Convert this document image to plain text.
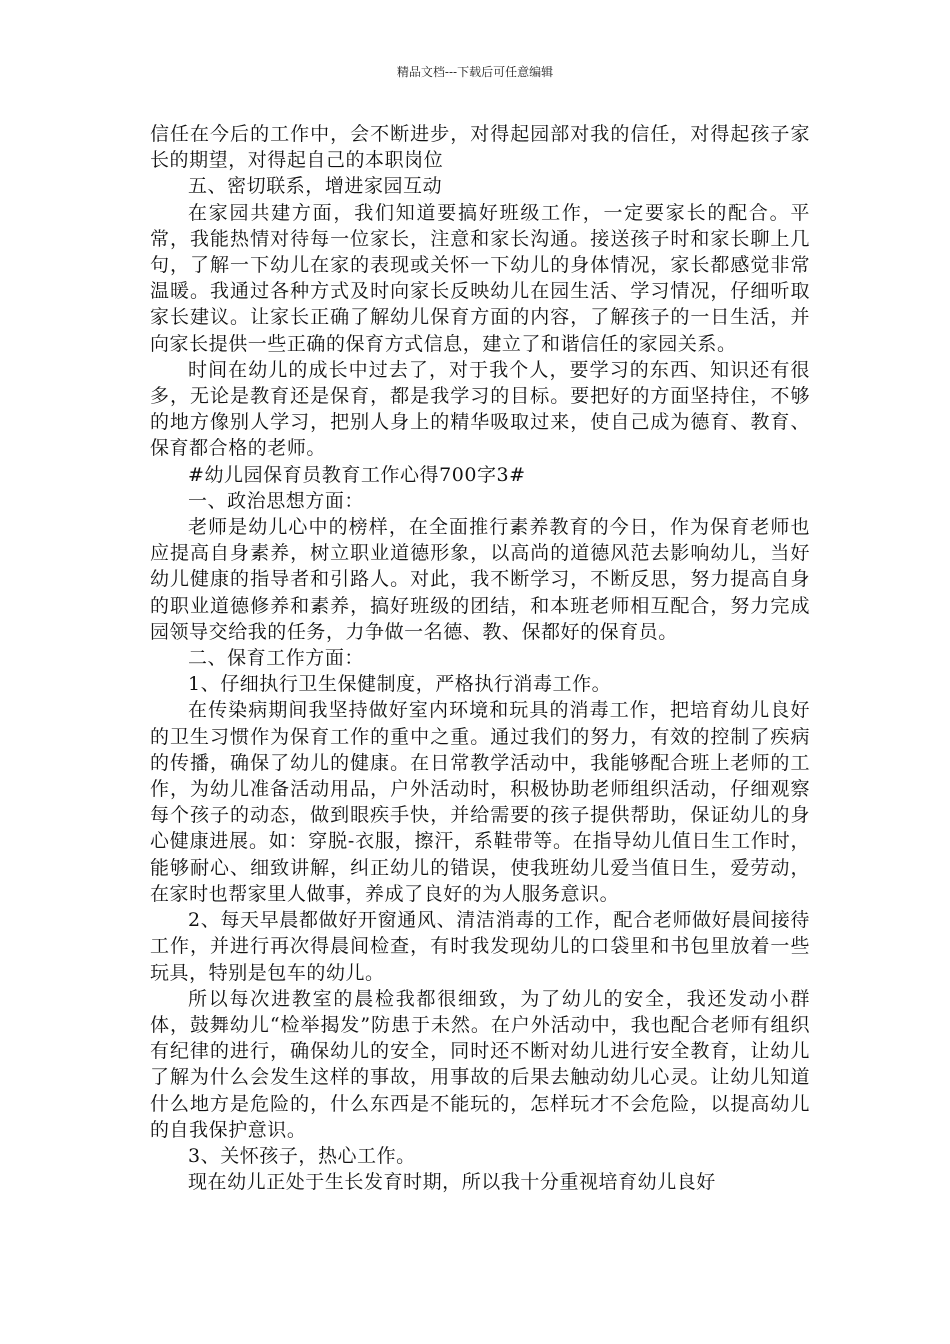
精品文档---下载后可任意编辑

信任在今后的工作中，会不断进步，对得起园部对我的信任，对得起孩子家长的期望，对得起自己的本职岗位

五、密切联系，增进家园互动

在家园共建方面，我们知道要搞好班级工作，一定要家长的配合。平常，我能热情对待每一位家长，注意和家长沟通。接送孩子时和家长聊上几句，了解一下幼儿在家的表现或关怀一下幼儿的身体情况，家长都感觉非常温暖。我通过各种方式及时向家长反映幼儿在园生活、学习情况，仔细听取家长建议。让家长正确了解幼儿保育方面的内容，了解孩子的一日生活，并向家长提供一些正确的保育方式信息，建立了和谐信任的家园关系。

时间在幼儿的成长中过去了，对于我个人，要学习的东西、知识还有很多，无论是教育还是保育，都是我学习的目标。要把好的方面坚持住，不够的地方像别人学习，把别人身上的精华吸取过来，使自己成为德育、教育、保育都合格的老师。

#幼儿园保育员教育工作心得700字3#

一、政治思想方面：

老师是幼儿心中的榜样，在全面推行素养教育的今日，作为保育老师也应提高自身素养，树立职业道德形象，以高尚的道德风范去影响幼儿，当好幼儿健康的指导者和引路人。对此，我不断学习，不断反思，努力提高自身的职业道德修养和素养，搞好班级的团结，和本班老师相互配合，努力完成园领导交给我的任务，力争做一名德、教、保都好的保育员。

二、保育工作方面：

1、仔细执行卫生保健制度，严格执行消毒工作。

在传染病期间我坚持做好室内环境和玩具的消毒工作，把培育幼儿良好的卫生习惯作为保育工作的重中之重。通过我们的努力，有效的控制了疾病的传播，确保了幼儿的健康。在日常教学活动中，我能够配合班上老师的工作，为幼儿准备活动用品，户外活动时，积极协助老师组织活动，仔细观察每个孩子的动态，做到眼疾手快，并给需要的孩子提供帮助，保证幼儿的身心健康进展。如：穿脱-衣服，擦汗，系鞋带等。在指导幼儿值日生工作时，能够耐心、细致讲解，纠正幼儿的错误，使我班幼儿爱当值日生，爱劳动，在家时也帮家里人做事，养成了良好的为人服务意识。

2、每天早晨都做好开窗通风、清洁消毒的工作，配合老师做好晨间接待工作，并进行再次得晨间检查，有时我发现幼儿的口袋里和书包里放着一些玩具，特别是包车的幼儿。

所以每次进教室的晨检我都很细致，为了幼儿的安全，我还发动小群体，鼓舞幼儿“检举揭发”防患于未然。在户外活动中，我也配合老师有组织有纪律的进行，确保幼儿的安全，同时还不断对幼儿进行安全教育，让幼儿了解为什么会发生这样的事故，用事故的后果去触动幼儿心灵。让幼儿知道什么地方是危险的，什么东西是不能玩的，怎样玩才不会危险，以提高幼儿的自我保护意识。

3、关怀孩子，热心工作。

现在幼儿正处于生长发育时期，所以我十分重视培育幼儿良好
